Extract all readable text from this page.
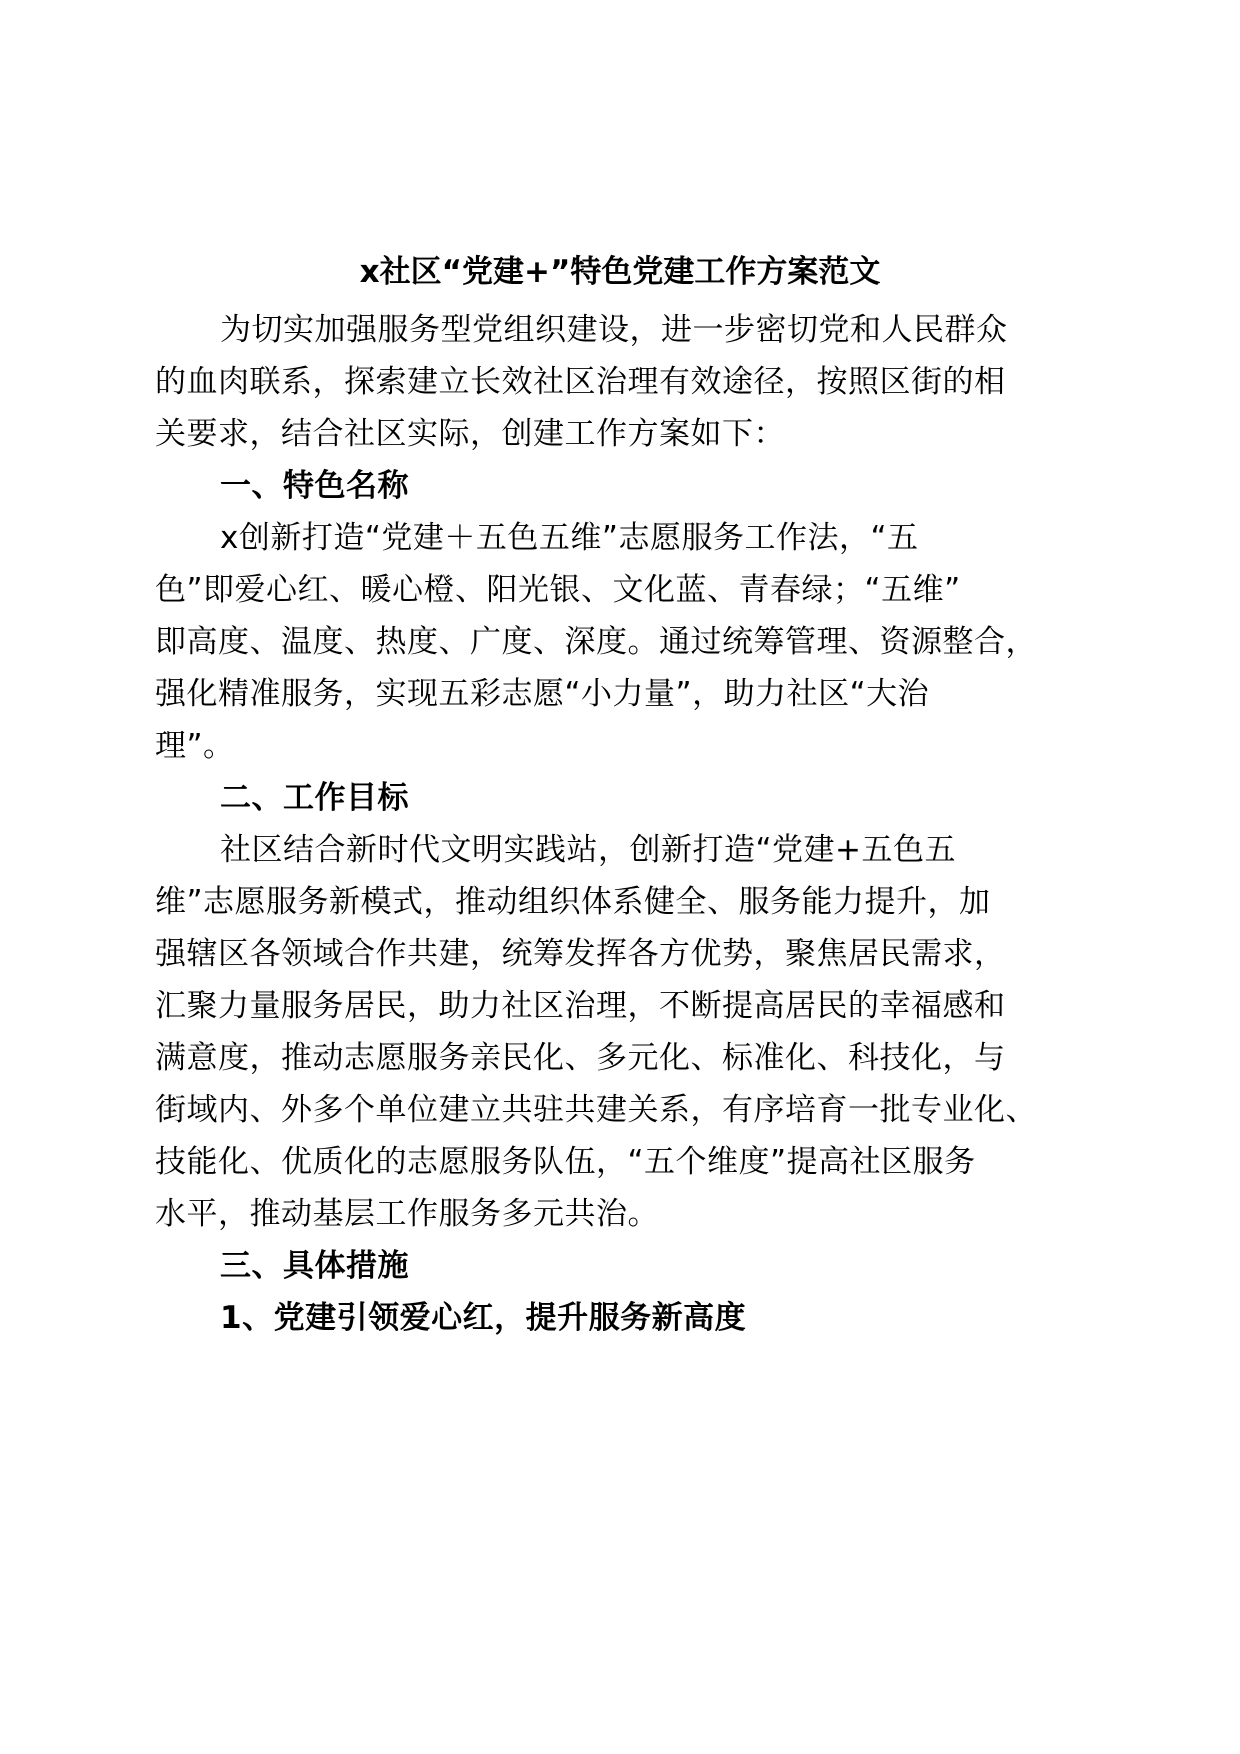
x社区“党建+”特色党建工作方案范文
为切实加强服务型党组织建设，进一步密切党和人民群众
的血肉联系，探索建立长效社区治理有效途径，按照区街的相
关要求，结合社区实际，创建工作方案如下：
一、特色名称
x创新打造“党建＋五色五维”志愿服务工作法，“五
色”即爱心红、暖心橙、阳光银、文化蓝、青春绿；“五维”
即高度、温度、热度、广度、深度。通过统筹管理、资源整合，
强化精准服务，实现五彩志愿“小力量”，助力社区“大治
理”。
二、工作目标
社区结合新时代文明实践站，创新打造“党建+五色五
维”志愿服务新模式，推动组织体系健全、服务能力提升，加
强辖区各领域合作共建，统筹发挥各方优势，聚焦居民需求，
汇聚力量服务居民，助力社区治理，不断提高居民的幸福感和
满意度，推动志愿服务亲民化、多元化、标准化、科技化，与
街域内、外多个单位建立共驻共建关系，有序培育一批专业化、
技能化、优质化的志愿服务队伍，“五个维度”提高社区服务
水平，推动基层工作服务多元共治。
三、具体措施
1、党建引领爱心红，提升服务新高度
